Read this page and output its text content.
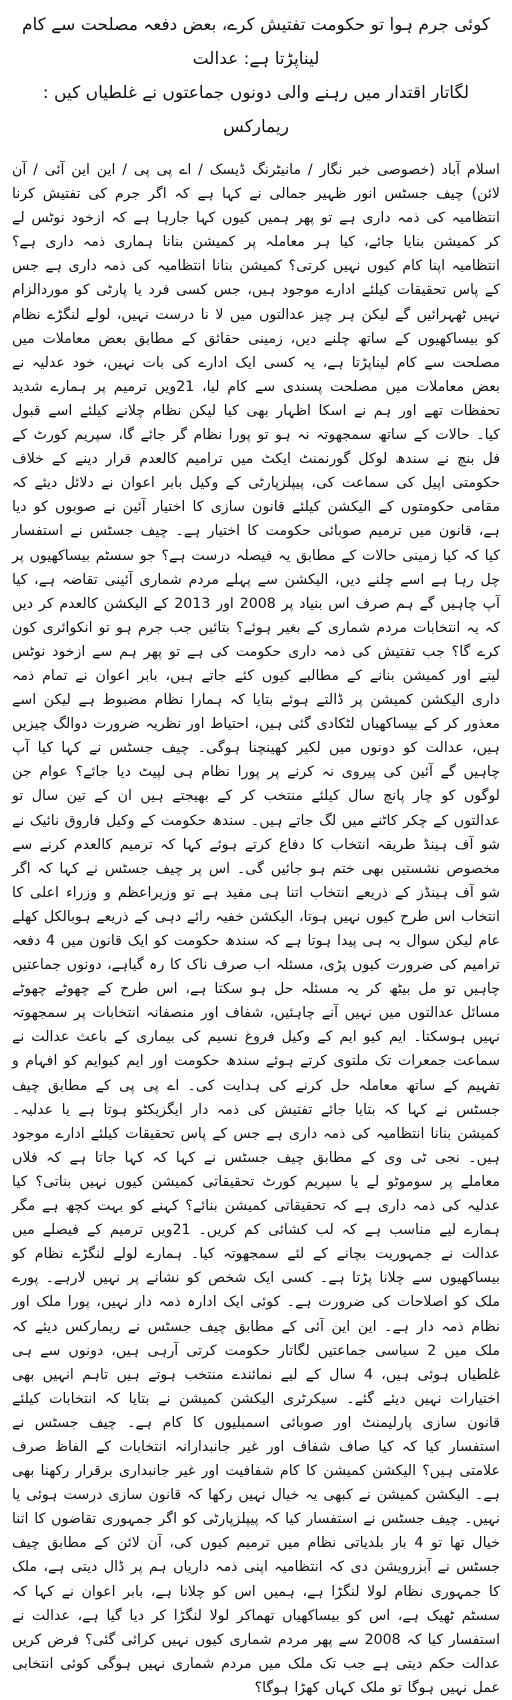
کوئی جرم ہوا تو حکومت تفتیش کرے، بعض دفعہ مصلحت سے کام لیناپڑتا ہے: عدالت
لگاتار اقتدار میں رہنے والی دونوں جماعتوں نے غلطیاں کیں : ریمارکس

اسلام آباد (خصوصی خبر نگار / مانیٹرنگ ڈیسک / اے پی پی / این این آئی / آن لائن) چیف جسٹس انور ظہیر جمالی نے کہا ہے کہ اگر جرم کی تفتیش کرنا انتظامیہ کی ذمہ داری ہے تو پھر ہمیں کیوں کہا جارہا ہے کہ ازخود نوٹس لے کر کمیشن بنایا جائے، کیا ہر معاملہ پر کمیشن بنانا ہماری ذمہ داری ہے؟ انتظامیہ اپنا کام کیوں نہیں کرتی؟ کمیشن بنانا انتظامیہ کی ذمہ داری ہے جس کے پاس تحقیقات کیلئے ادارے موجود ہیں، جس کسی فرد یا پارٹی کو موردالزام نہیں ٹھہرائیں گے لیکن ہر چیز عدالتوں میں لا نا درست نہیں، لولے لنگڑے نظام کو بیساکھیوں کے ساتھ چلنے دیں، زمینی حقائق کے مطابق بعض معاملات میں مصلحت سے کام لیناپڑتا ہے، یہ کسی ایک ادارے کی بات نہیں، خود عدلیہ نے بعض معاملات میں مصلحت پسندی سے کام لیا، 21ویں ترمیم پر ہمارے شدید تحفظات تھے اور ہم نے اسکا اظہار بھی کیا لیکن نظام چلانے کیلئے اسے قبول کیا۔ حالات کے ساتھ سمجھوتہ نہ ہو تو پورا نظام گر جائے گا، سپریم کورٹ کے فل بنچ نے سندھ لوکل گورنمنٹ ایکٹ میں ترامیم کالعدم قرار دینے کے خلاف حکومتی اپیل کی سماعت کی، پیپلزپارٹی کے وکیل بابر اعوان نے دلائل دیئے کہ مقامی حکومتوں کے الیکشن کیلئے قانون سازی کا اختیار آئین نے صوبوں کو دیا ہے، قانون میں ترمیم صوبائی حکومت کا اختیار ہے۔ چیف جسٹس نے استفسار کیا کہ کیا زمینی حالات کے مطابق یہ فیصلہ درست ہے؟ جو سسٹم بیساکھیوں پر چل رہا ہے اسے چلنے دیں، الیکشن سے پہلے مردم شماری آئینی تقاضہ ہے، کیا آپ چاہیں گے ہم صرف اس بنیاد پر 2008 اور 2013 کے الیکشن کالعدم کر دیں کہ یہ انتخابات مردم شماری کے بغیر ہوئے؟ بتائیں جب جرم ہو تو انکوائری کون کرے گا؟ جب تفتیش کی ذمہ داری حکومت کی ہے تو پھر ہم سے ازخود نوٹس لینے اور کمیشن بنانے کے مطالبے کیوں کئے جاتے ہیں، بابر اعوان نے تمام ذمہ داری الیکشن کمیشن پر ڈالتے ہوئے بتایا کہ ہمارا نظام مضبوط ہے لیکن اسے معذور کر کے بیساکھیاں لٹکادی گئی ہیں، احتیاط اور نظریہ ضرورت دوالگ چیزیں ہیں، عدالت کو دونوں میں لکیر کھینچنا ہوگی۔ چیف جسٹس نے کہا کیا آپ چاہیں گے آئین کی پیروی نہ کرنے پر پورا نظام ہی لپیٹ دیا جائے؟ عوام جن لوگوں کو چار پانچ سال کیلئے منتخب کر کے بھیجتے ہیں ان کے تین سال تو عدالتوں کے چکر کاٹنے میں لگ جاتے ہیں۔ سندھ حکومت کے وکیل فاروق نائیک نے شو آف ہینڈ طریقہ انتخاب کا دفاع کرتے ہوئے کہا کہ ترمیم کالعدم کرنے سے مخصوص نشستیں بھی ختم ہو جائیں گی۔ اس پر چیف جسٹس نے کہا کہ اگر شو آف ہینڈز کے ذریعے انتخاب اتنا ہی مفید ہے تو وزیراعظم و وزراء اعلی کا انتخاب اس طرح کیوں نہیں ہوتا، الیکشن خفیہ رائے دہی کے ذریعے ہوبالکل کھلے عام لیکن سوال یہ ہی پیدا ہوتا ہے کہ سندھ حکومت کو ایک قانون میں 4 دفعہ ترامیم کی ضرورت کیوں پڑی، مسئلہ اب صرف ناک کا رہ گیاہے، دونوں جماعتیں چاہیں تو مل بیٹھ کر یہ مسئلہ حل ہو سکتا ہے، اس طرح کے چھوٹے چھوٹے مسائل عدالتوں میں نہیں آنے چاہئیں، شفاف اور منصفانہ انتخابات پر سمجھوتہ نہیں ہوسکتا۔ ایم کیو ایم کے وکیل فروغ نسیم کی بیماری کے باعث عدالت نے سماعت جمعرات تک ملتوی کرتے ہوئے سندھ حکومت اور ایم کیوایم کو افہام و تفہیم کے ساتھ معاملہ حل کرنے کی ہدایت کی۔ اے پی پی کے مطابق چیف جسٹس نے کہا کہ بتایا جائے تفتیش کی ذمہ دار ایگزیکٹو ہوتا ہے یا عدلیہ۔ کمیشن بنانا انتظامیہ کی ذمہ داری ہے جس کے پاس تحقیقات کیلئے ادارے موجود ہیں۔ نجی ٹی وی کے مطابق چیف جسٹس نے کہا کہ کہا جاتا ہے کہ فلاں معاملے پر سوموٹو لے یا سپریم کورٹ تحقیقاتی کمیشن کیوں نہیں بناتی؟ کیا عدلیہ کی ذمہ داری ہے کہ تحقیقاتی کمیشن بنائے؟ کہنے کو بہت کچھ ہے مگر ہمارے لیے مناسب ہے کہ لب کشائی کم کریں۔ 21ویں ترمیم کے فیصلے میں عدالت نے جمہوریت بچانے کے لئے سمجھوتہ کیا۔ ہمارے لولے لنگڑے نظام کو بیساکھیوں سے چلانا پڑتا ہے۔ کسی ایک شخص کو نشانے پر نہیں لارہے۔ پورے ملک کو اصلاحات کی ضرورت ہے۔ کوئی ایک ادارہ ذمہ دار نہیں، پورا ملک اور نظام ذمہ دار ہے۔ این این آئی کے مطابق چیف جسٹس نے ریمارکس دیئے کہ ملک میں 2 سیاسی جماعتیں لگاتار حکومت کرتی آرہی ہیں، دونوں سے ہی غلطیاں ہوئی ہیں، 4 سال کے لیے نمائندے منتخب ہوتے ہیں تاہم انہیں بھی اختیارات نہیں دیئے گئے۔ سیکرٹری الیکشن کمیشن نے بتایا کہ انتخابات کیلئے قانون سازی پارلیمنٹ اور صوبائی اسمبلیوں کا کام ہے۔ چیف جسٹس نے استفسار کیا کہ کیا صاف شفاف اور غیر جانبدارانہ انتخابات کے الفاظ صرف علامتی ہیں؟ الیکشن کمیشن کا کام شفافیت اور غیر جانبداری برقرار رکھنا بھی ہے۔ الیکشن کمیشن نے کبھی یہ خیال نہیں رکھا کہ قانون سازی درست ہوئی یا نہیں۔ چیف جسٹس نے استفسار کیا کہ پیپلزپارٹی کو اگر جمہوری تقاضوں کا اتنا خیال تھا تو 4 بار بلدیاتی نظام میں ترمیم کیوں کی، آن لائن کے مطابق چیف جسٹس نے آبزرویشن دی کہ انتظامیہ اپنی ذمہ داریاں ہم پر ڈال دیتی ہے، ملک کا جمہوری نظام لولا لنگڑا ہے، ہمیں اس کو چلانا ہے، بابر اعوان نے کہا کہ سسٹم ٹھیک ہے، اس کو بیساکھیاں تھماکر لولا لنگڑا کر دیا گیا ہے، عدالت نے استفسار کیا کہ 2008 سے پھر مردم شماری کیوں نہیں کرائی گئی؟ فرض کریں عدالت حکم دیتی ہے جب تک ملک میں مردم شماری نہیں ہوگی کوئی انتخابی عمل نہیں ہوگا تو ملک کہاں کھڑا ہوگا؟
